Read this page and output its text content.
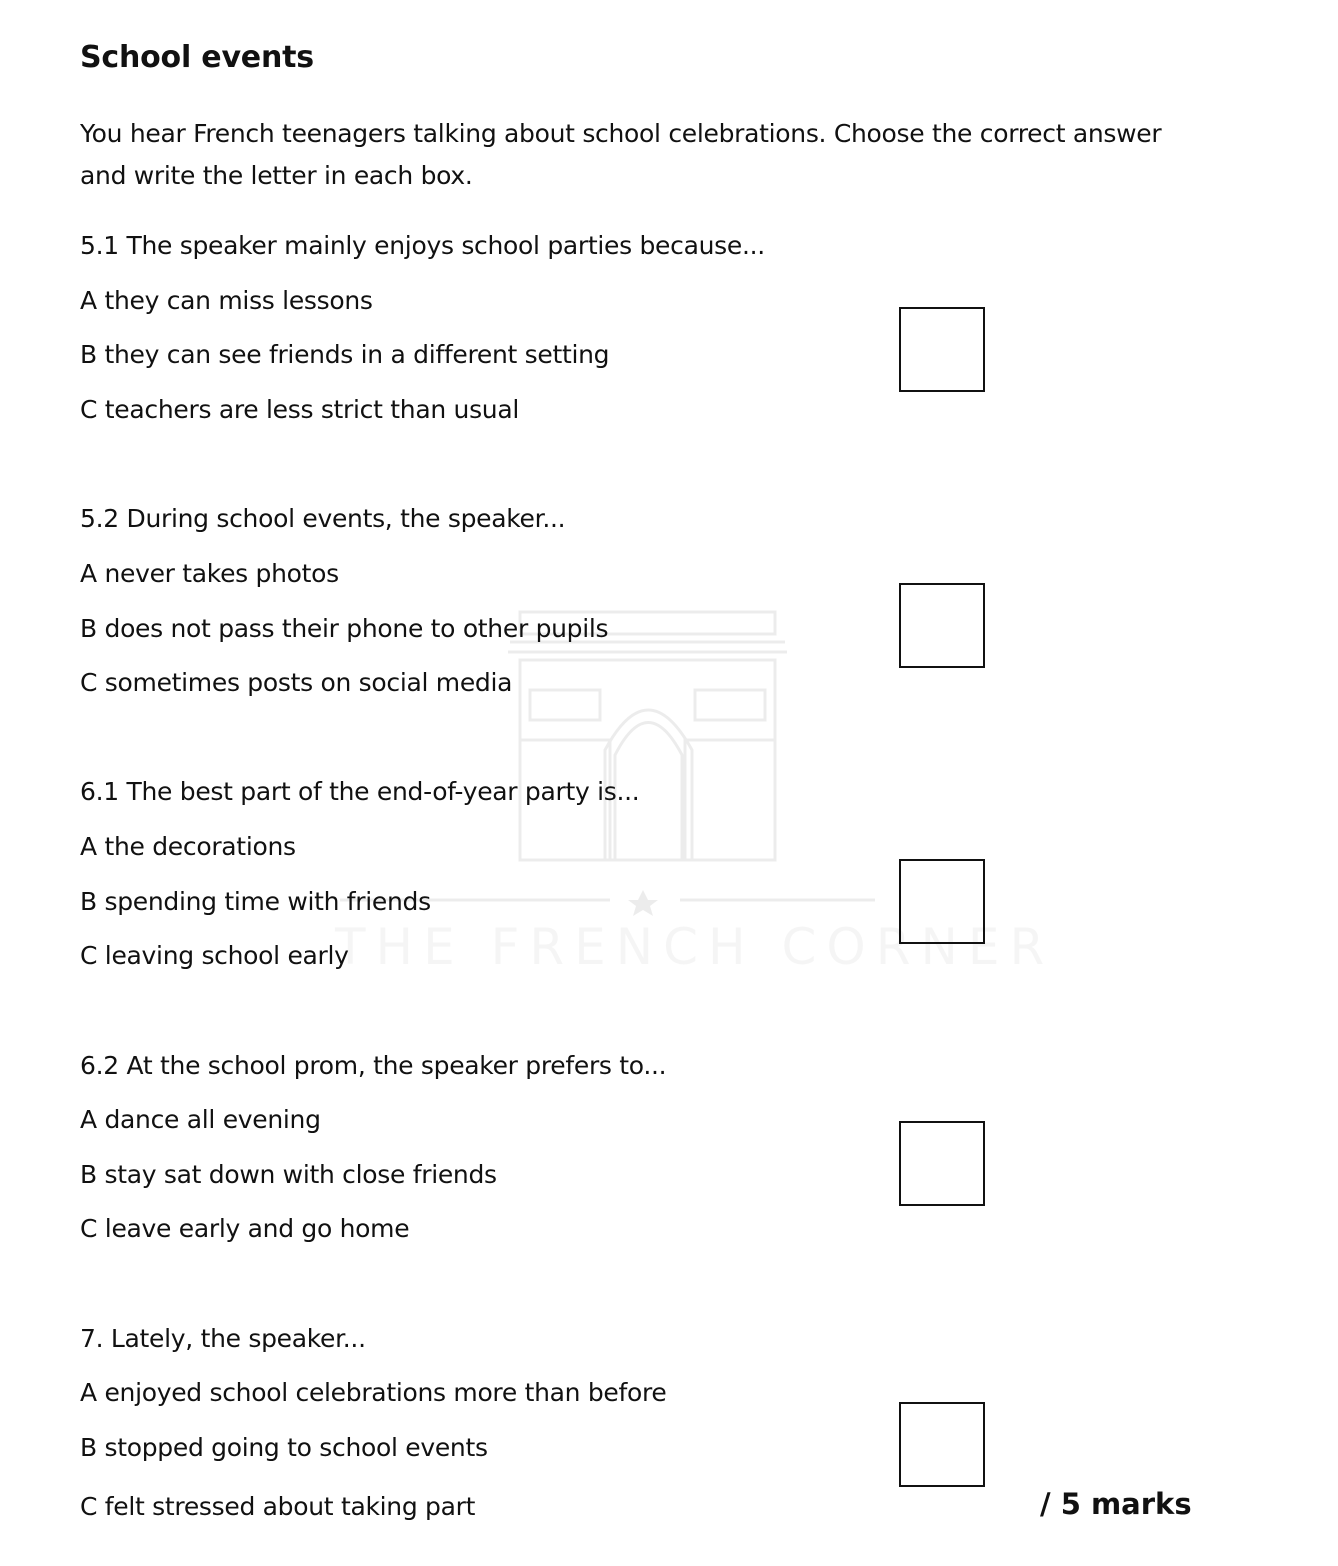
School events
You hear French teenagers talking about school celebrations. Choose the correct answer and write the letter in each box.
5.1 The speaker mainly enjoys school parties because...
A they can miss lessons
B they can see friends in a different setting
C teachers are less strict than usual
5.2 During school events, the speaker...
A never takes photos
B does not pass their phone to other pupils
C sometimes posts on social media
6.1 The best part of the end-of-year party is...
A the decorations
B spending time with friends
C leaving school early
6.2 At the school prom, the speaker prefers to...
A dance all evening
B stay sat down with close friends
C leave early and go home
7. Lately, the speaker...
A enjoyed school celebrations more than before
B stopped going to school events
C felt stressed about taking part	/ 5 marks
